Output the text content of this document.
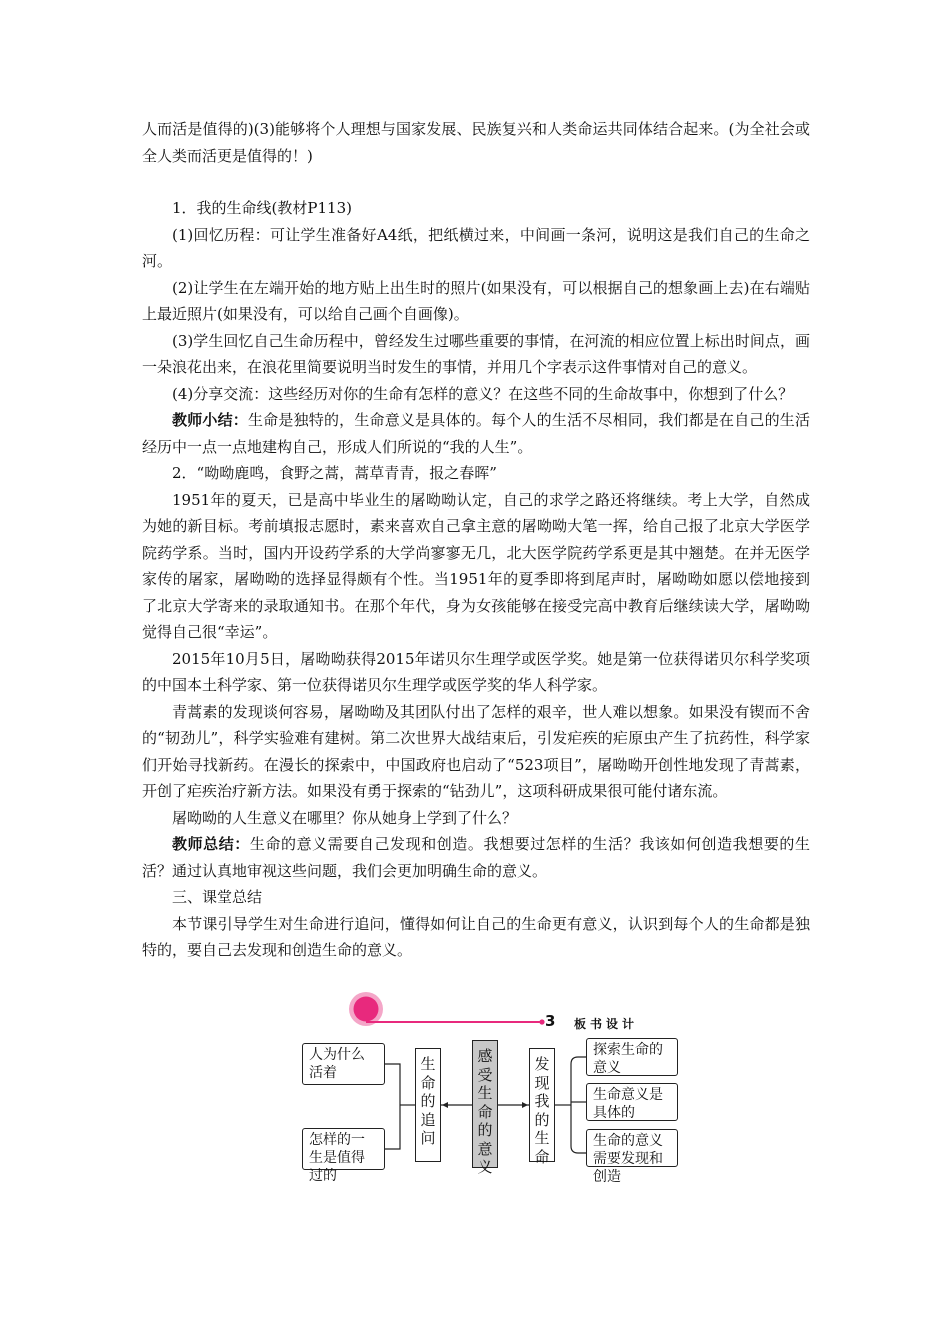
人而活是值得的)(3)能够将个人理想与国家发展、民族复兴和人类命运共同体结合起来。(为全社会或全人类而活更是值得的！)

1．我的生命线(教材P113)

(1)回忆历程：可让学生准备好A4纸，把纸横过来，中间画一条河，说明这是我们自己的生命之河。

(2)让学生在左端开始的地方贴上出生时的照片(如果没有，可以根据自己的想象画上去)在右端贴上最近照片(如果没有，可以给自己画个自画像)。

(3)学生回忆自己生命历程中，曾经发生过哪些重要的事情，在河流的相应位置上标出时间点，画一朵浪花出来，在浪花里简要说明当时发生的事情，并用几个字表示这件事情对自己的意义。

(4)分享交流：这些经历对你的生命有怎样的意义？在这些不同的生命故事中，你想到了什么？

教师小结：生命是独特的，生命意义是具体的。每个人的生活不尽相同，我们都是在自己的生活经历中一点一点地建构自己，形成人们所说的“我的人生”。

2．“呦呦鹿鸣，食野之蒿，蒿草青青，报之春晖”

1951年的夏天，已是高中毕业生的屠呦呦认定，自己的求学之路还将继续。考上大学，自然成为她的新目标。考前填报志愿时，素来喜欢自己拿主意的屠呦呦大笔一挥，给自己报了北京大学医学院药学系。当时，国内开设药学系的大学尚寥寥无几，北大医学院药学系更是其中翘楚。在并无医学家传的屠家，屠呦呦的选择显得颇有个性。当1951年的夏季即将到尾声时，屠呦呦如愿以偿地接到了北京大学寄来的录取通知书。在那个年代，身为女孩能够在接受完高中教育后继续读大学，屠呦呦觉得自己很“幸运”。

2015年10月5日，屠呦呦获得2015年诺贝尔生理学或医学奖。她是第一位获得诺贝尔科学奖项的中国本土科学家、第一位获得诺贝尔生理学或医学奖的华人科学家。

青蒿素的发现谈何容易，屠呦呦及其团队付出了怎样的艰辛，世人难以想象。如果没有锲而不舍的“韧劲儿”，科学实验难有建树。第二次世界大战结束后，引发疟疾的疟原虫产生了抗药性，科学家们开始寻找新药。在漫长的探索中，中国政府也启动了“523项目”，屠呦呦开创性地发现了青蒿素，开创了疟疾治疗新方法。如果没有勇于探索的“钻劲儿”，这项科研成果很可能付诸东流。

屠呦呦的人生意义在哪里？你从她身上学到了什么？

教师总结：生命的意义需要自己发现和创造。我想要过怎样的生活？我该如何创造我想要的生活？通过认真地审视这些问题，我们会更加明确生命的意义。

三、课堂总结

本节课引导学生对生命进行追问，懂得如何让自己的生命更有意义，认识到每个人的生命都是独特的，要自己去发现和创造生命的意义。

3 板书设计
人为什么活着
怎样的一生是值得过的
生命的追问
感受生命的意义
发现我的生命
探索生命的意义
生命意义是具体的
生命的意义需要发现和创造
